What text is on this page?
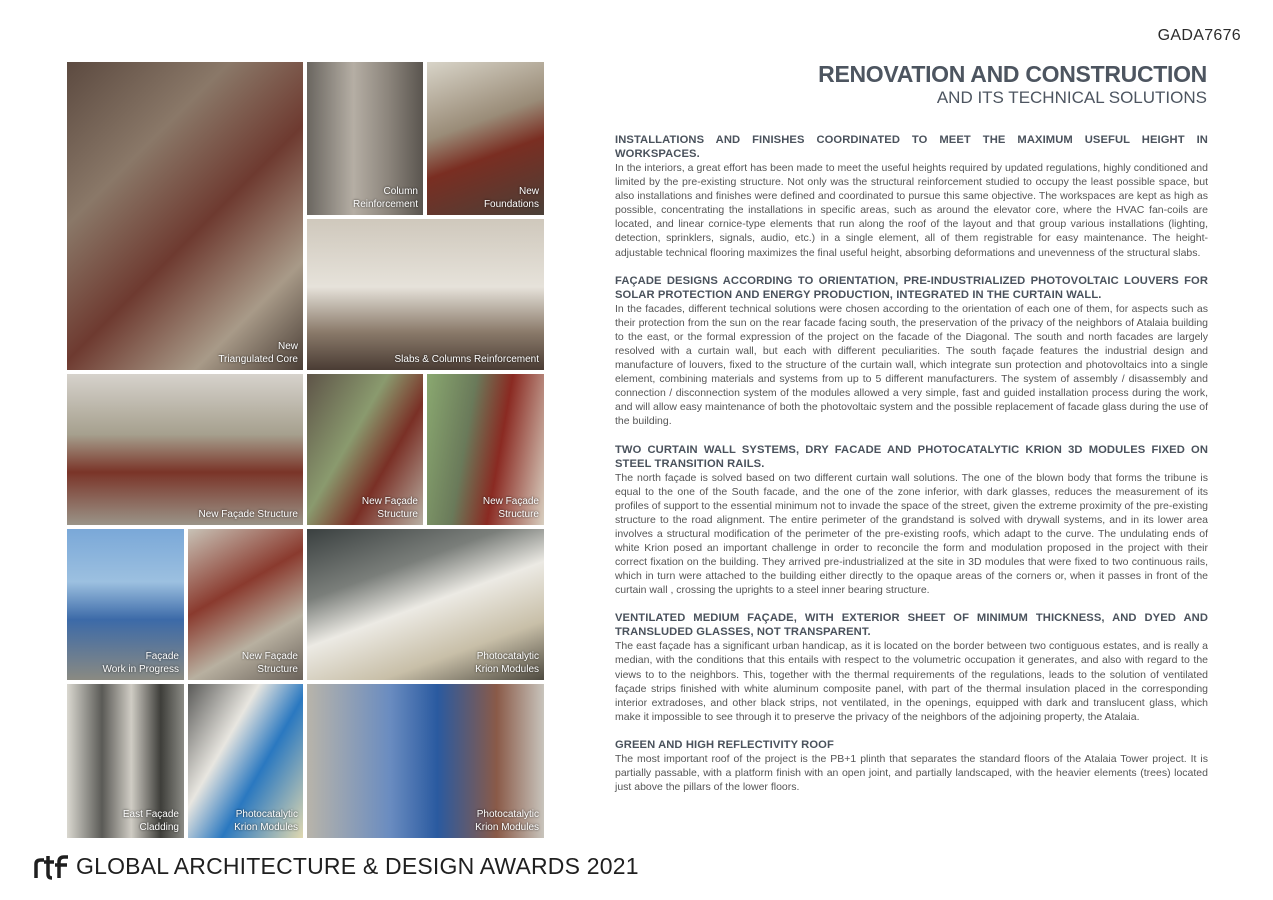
GADA7676
RENOVATION AND CONSTRUCTION
AND ITS TECHNICAL SOLUTIONS
New
Triangulated Core
Column
Reinforcement
New
Foundations
Slabs & Columns Reinforcement
New Façade Structure
New Façade
Structure
New Façade
Structure
Façade
Work in Progress
New Façade
Structure
Photocatalytic
Krion Modules
East Façade
Cladding
Photocatalytic
Krion Modules
Photocatalytic
Krion Modules
INSTALLATIONS AND FINISHES COORDINATED TO MEET THE MAXIMUM USEFUL HEIGHT IN WORKSPACES.

In the interiors, a great effort has been made to meet the useful heights required by updated regulations, highly conditioned and limited by the pre-existing structure. Not only was the structural reinforcement studied to occupy the least possible space, but also installations and finishes were defined and coordinated to pursue this same objective. The workspaces are kept as high as possible, concentrating the installations in specific areas, such as around the elevator core, where the HVAC fan-coils are located, and linear cornice-type elements that run along the roof of the layout and that group various installations (lighting, detection, sprinklers, signals, audio, etc.) in a single element, all of them registrable for easy maintenance. The height-adjustable technical flooring maximizes the final useful height, absorbing deformations and unevenness of the structural slabs.

FAÇADE DESIGNS ACCORDING TO ORIENTATION, PRE-INDUSTRIALIZED PHOTOVOLTAIC LOUVERS FOR SOLAR PROTECTION AND ENERGY PRODUCTION, INTEGRATED IN THE CURTAIN WALL.

In the facades, different technical solutions were chosen according to the orientation of each one of them, for aspects such as their protection from the sun on the rear facade facing south, the preservation of the privacy of the neighbors of Atalaia building to the east, or the formal expression of the project on the facade of the Diagonal. The south and north facades are largely resolved with a curtain wall, but each with different peculiarities. The south façade features the industrial design and manufacture of louvers, fixed to the structure of the curtain wall, which integrate sun protection and photovoltaics into a single element, combining materials and systems from up to 5 different manufacturers. The system of assembly / disassembly and connection / disconnection system of the modules allowed a very simple, fast and guided installation process during the work, and will allow easy maintenance of both the photovoltaic system and the possible replacement of facade glass during the use of the building.

TWO CURTAIN WALL SYSTEMS, DRY FACADE AND PHOTOCATALYTIC KRION 3D MODULES FIXED ON STEEL TRANSITION RAILS.

The north façade is solved based on two different curtain wall solutions. The one of the blown body that forms the tribune is equal to the one of the South facade, and the one of the zone inferior, with dark glasses, reduces the measurement of its profiles of support to the essential minimum not to invade the space of the street, given the extreme proximity of the pre-existing structure to the road alignment. The entire perimeter of the grandstand is solved with drywall systems, and in its lower area involves a structural modification of the perimeter of the pre-existing roofs, which adapt to the curve. The undulating ends of white Krion posed an important challenge in order to reconcile the form and modulation proposed in the project with their correct fixation on the building. They arrived pre-industrialized at the site in 3D modules that were fixed to two continuous rails, which in turn were attached to the building either directly to the opaque areas of the corners or, when it passes in front of the curtain wall , crossing the uprights to a steel inner bearing structure.

VENTILATED MEDIUM FAÇADE, WITH EXTERIOR SHEET OF MINIMUM THICKNESS, AND DYED AND TRANSLUDED GLASSES, NOT TRANSPARENT.

The east façade has a significant urban handicap, as it is located on the border between two contiguous estates, and is really a median, with the conditions that this entails with respect to the volumetric occupation it generates, and also with regard to the views to to the neighbors. This, together with the thermal requirements of the regulations, leads to the solution of ventilated façade strips finished with white aluminum composite panel, with part of the thermal insulation placed in the corresponding interior extradoses, and other black strips, not ventilated, in the openings, equipped with dark and translucent glass, which make it impossible to see through it to preserve the privacy of the neighbors of the adjoining property, the Atalaia.

GREEN AND HIGH REFLECTIVITY ROOF

The most important roof of the project is the PB+1 plinth that separates the standard floors of the Atalaia Tower project. It is partially passable, with a platform finish with an open joint, and partially landscaped, with the heavier elements (trees) located just above the pillars of the lower floors.

GLOBAL ARCHITECTURE & DESIGN AWARDS 2021
